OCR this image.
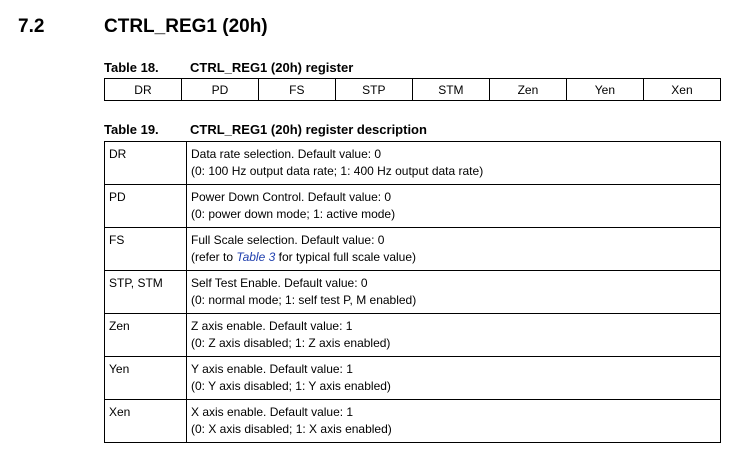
7.2	CTRL_REG1 (20h)
Table 18. CTRL_REG1 (20h) register
DR	PD	FS	STP	STM	Zen	Yen	Xen
Table 19. CTRL_REG1 (20h) register description
DR	Data rate selection. Default value: 0
(0: 100 Hz output data rate; 1: 400 Hz output data rate)

PD	Power Down Control. Default value: 0
(0: power down mode; 1: active mode)

FS	Full Scale selection. Default value: 0
(refer to Table 3 for typical full scale value)

STP, STM	Self Test Enable. Default value: 0
(0: normal mode; 1: self test P, M enabled)

Zen	Z axis enable. Default value: 1
(0: Z axis disabled; 1: Z axis enabled)

Yen	Y axis enable. Default value: 1
(0: Y axis disabled; 1: Y axis enabled)

Xen	X axis enable. Default value: 1
(0: X axis disabled; 1: X axis enabled)
